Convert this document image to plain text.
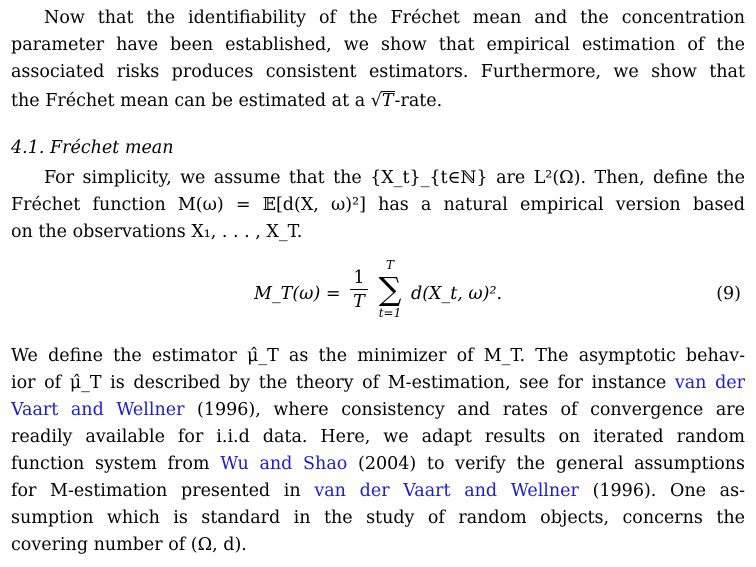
Now that the identifiability of the Fréchet mean and the concentration
parameter have been established, we show that empirical estimation of the
associated risks produces consistent estimators. Furthermore, we show that
the Fréchet mean can be estimated at a √T-rate.
4.1. Fréchet mean
For simplicity, we assume that the {X_t}_{t∈ℕ} are L²(Ω). Then, define the
Fréchet function M(ω) = 𝔼[d(X, ω)²] has a natural empirical version based
on the observations X₁, . . . , X_T.
M_T(ω) =
1
T
T
∑
t=1
d(X_t, ω)².	(9)
We define the estimator μ̂_T as the minimizer of M_T. The asymptotic behav-
ior of μ̂_T is described by the theory of M-estimation, see for instance van der
Vaart and Wellner (1996), where consistency and rates of convergence are
readily available for i.i.d data. Here, we adapt results on iterated random
function system from Wu and Shao (2004) to verify the general assumptions
for M-estimation presented in van der Vaart and Wellner (1996). One as-
sumption which is standard in the study of random objects, concerns the
covering number of (Ω, d).
